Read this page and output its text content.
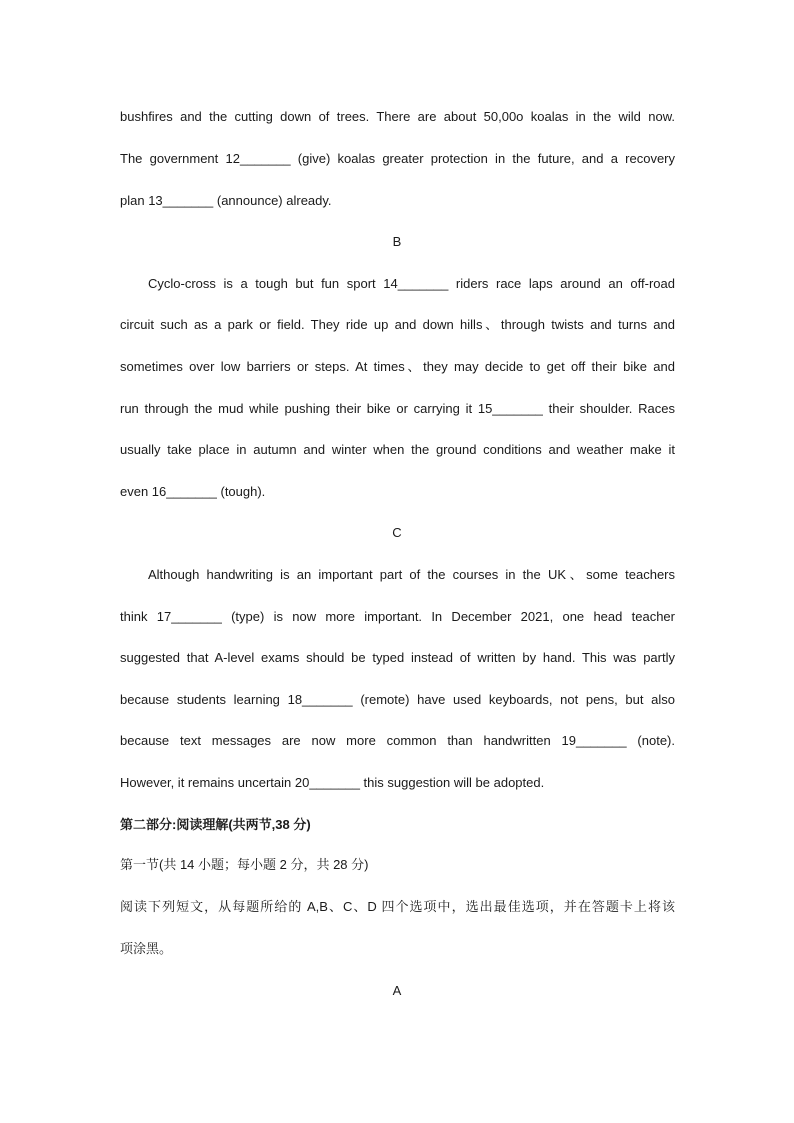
bushfires and the cutting down of trees. There are about 50,00o koalas in the wild now.
The government 12_______ (give) koalas greater protection in the future, and a recovery
plan 13_______ (announce) already.
B
Cyclo-cross is a tough but fun sport 14_______ riders race laps around an off-road
circuit such as a park or field. They ride up and down hills、through twists and turns and
sometimes over low barriers or steps. At times、they may decide to get off their bike and
run through the mud while pushing their bike or carrying it 15_______ their shoulder. Races
usually take place in autumn and winter when the ground conditions and weather make it
even 16_______ (tough).
C
Although handwriting is an important part of the courses in the UK、some teachers
think 17_______ (type) is now more important. In December 2021, one head teacher
suggested that A-level exams should be typed instead of written by hand. This was partly
because students learning 18_______ (remote) have used keyboards, not pens, but also
because text messages are now more common than handwritten 19_______ (note).
However, it remains uncertain 20_______ this suggestion will be adopted.
第二部分:阅读理解(共两节,38 分)
第一节(共 14 小题；每小题 2 分，共 28 分)
阅读下列短文，从每题所给的 A,B、C、D 四个选项中，选出最佳选项，并在答题卡上将该
项涂黑。
A
